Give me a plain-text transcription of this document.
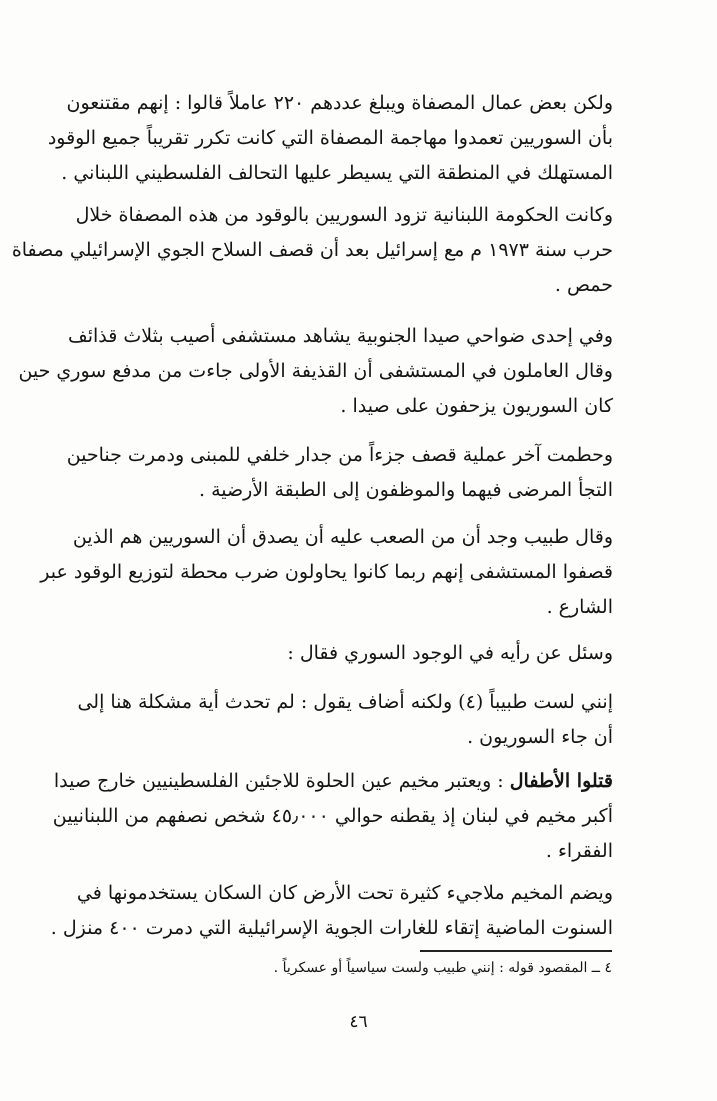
ولكن بعض عمال المصفاة ويبلغ عددهم ٢٢٠ عاملاً قالوا : إنهم مقتنعون
بأن السوريين تعمدوا مهاجمة المصفاة التي كانت تكرر تقريباً جميع الوقود
المستهلك في المنطقة التي يسيطر عليها التحالف الفلسطيني اللبناني .

وكانت الحكومة اللبنانية تزود السوريين بالوقود من هذه المصفاة خلال
حرب سنة ١٩٧٣ م مع إسرائيل بعد أن قصف السلاح الجوي الإسرائيلي مصفاة
حمص .

وفي إحدى ضواحي صيدا الجنوبية يشاهد مستشفى أصيب بثلاث قذائف
وقال العاملون في المستشفى أن القذيفة الأولى جاءت من مدفع سوري حين
كان السوريون يزحفون على صيدا .

وحطمت آخر عملية قصف جزءاً من جدار خلفي للمبنى ودمرت جناحين
التجأ المرضى فيهما والموظفون إلى الطبقة الأرضية .

وقال طبيب وجد أن من الصعب عليه أن يصدق أن السوريين هم الذين
قصفوا المستشفى إنهم ربما كانوا يحاولون ضرب محطة لتوزيع الوقود عبر
الشارع .

وسئل عن رأيه في الوجود السوري فقال :

إنني لست طبيباً (٤) ولكنه أضاف يقول : لم تحدث أية مشكلة هنا إلى
أن جاء السوريون .

قتلوا الأطفال : ويعتبر مخيم عين الحلوة للاجئين الفلسطينيين خارج صيدا
أكبر مخيم في لبنان إذ يقطنه حوالي ٤٥٫٠٠٠ شخص نصفهم من اللبنانيين
الفقراء .

ويضم المخيم ملاجيء كثيرة تحت الأرض كان السكان يستخدمونها في
السنوت الماضية إتقاء للغارات الجوية الإسرائيلية التي دمرت ٤٠٠ منزل .

٤ ــ المقصود قوله : إنني طبيب ولست سياسياً أو عسكرياً .
٤٦
